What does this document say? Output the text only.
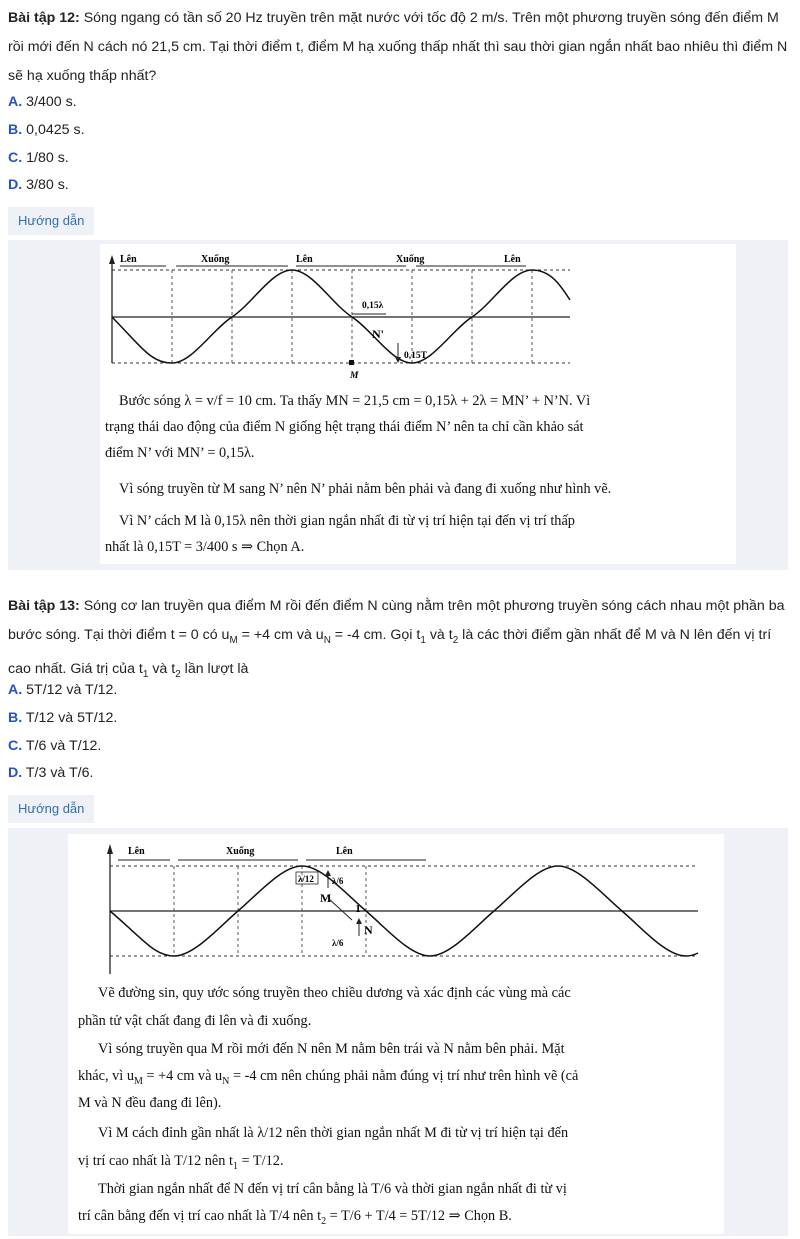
Bài tập 12: Sóng ngang có tần số 20 Hz truyền trên mặt nước với tốc độ 2 m/s. Trên một phương truyền sóng đến điểm M rồi mới đến N cách nó 21,5 cm. Tại thời điểm t, điểm M hạ xuống thấp nhất thì sau thời gian ngắn nhất bao nhiêu thì điểm N sẽ hạ xuống thấp nhất?
A. 3/400 s.
B. 0,0425 s.
C. 1/80 s.
D. 3/80 s.
Hướng dẫn
Lên	Xuống	Lên	Xuống	Lên
0,15λ
N'
0,15T
M
Bước sóng λ = v/f = 10 cm. Ta thấy MN = 21,5 cm = 0,15λ + 2λ = MN’ + N’N. Vì
trạng thái dao động của điểm N giống hệt trạng thái điểm N’ nên ta chỉ cần khảo sát
điểm N’ với MN’ = 0,15λ.
Vì sóng truyền từ M sang N’ nên N’ phải nằm bên phải và đang đi xuống như hình vẽ.
Vì N’ cách M là 0,15λ nên thời gian ngắn nhất đi từ vị trí hiện tại đến vị trí thấp
nhất là 0,15T = 3/400 s ⇒ Chọn A.
Bài tập 13: Sóng cơ lan truyền qua điểm M rồi đến điểm N cùng nằm trên một phương truyền sóng cách nhau một phần ba bước sóng. Tại thời điểm t = 0 có $u_M = +4$ cm và $u_N = -4$ cm. Gọi $t_1$ và $t_2$ là các thời điểm gần nhất để M và N lên đến vị trí cao nhất. Giá trị của $t_1$ và $t_2$ lần lượt là
A. 5T/12 và T/12.
B. T/12 và 5T/12.
C. T/6 và T/12.
D. T/3 và T/6.
Hướng dẫn
Lên	Xuống	Lên
λ/12 λ/6
M
I
N
λ/6
Vẽ đường sin, quy ước sóng truyền theo chiều dương và xác định các vùng mà các
phần tử vật chất đang đi lên và đi xuống.
Vì sóng truyền qua M rồi mới đến N nên M nằm bên trái và N nằm bên phải. Mặt
khác, vì $u_M = +4$ cm và $u_N = -4$ cm nên chúng phải nằm đúng vị trí như trên hình vẽ (cả
M và N đều đang đi lên).
Vì M cách đỉnh gần nhất là λ/12 nên thời gian ngắn nhất M đi từ vị trí hiện tại đến
vị trí cao nhất là T/12 nên $t_1 = T/12$.
Thời gian ngắn nhất để N đến vị trí cân bằng là T/6 và thời gian ngắn nhất đi từ vị
trí cân bằng đến vị trí cao nhất là T/4 nên $t_2 = T/6 + T/4 = 5T/12$ ⇒ Chọn B.
